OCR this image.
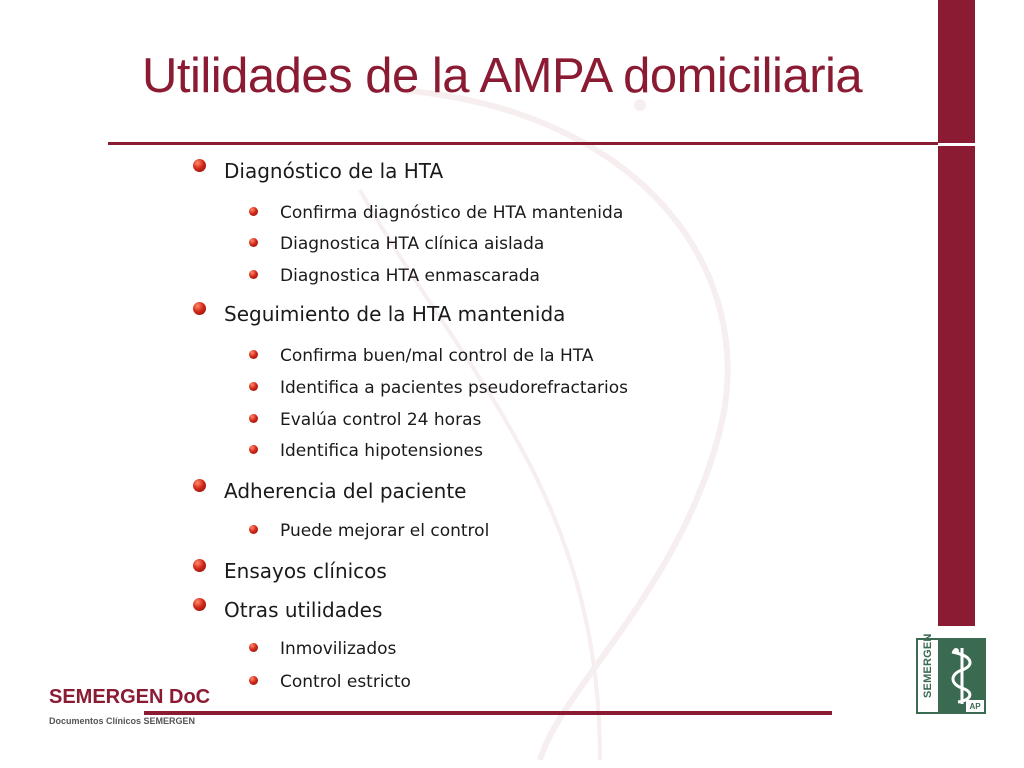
Utilidades de la AMPA domiciliaria
Diagnóstico de la HTA
Confirma diagnóstico de HTA mantenida
Diagnostica HTA clínica aislada
Diagnostica HTA enmascarada
Seguimiento de la HTA mantenida
Confirma buen/mal control de la HTA
Identifica a pacientes pseudorefractarios
Evalúa control 24 horas
Identifica hipotensiones
Adherencia del paciente
Puede mejorar el control
Ensayos clínicos
Otras utilidades
Inmovilizados
Control estricto
SEMERGEN DoC
Documentos Clínicos SEMERGEN
AP
SEMERGEN
